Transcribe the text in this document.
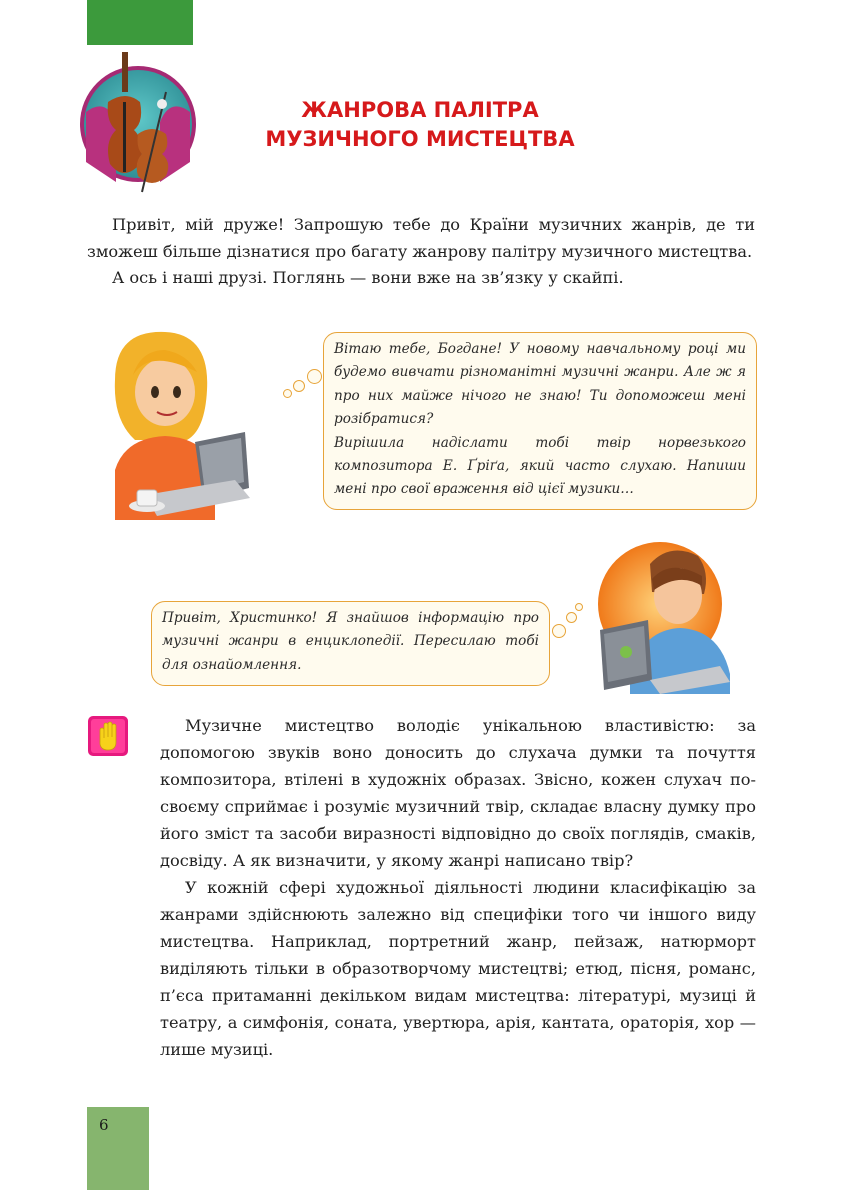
ЖАНРОВА ПАЛІТРА
МУЗИЧНОГО МИСТЕЦТВА

Привіт, мій друже! Запрошую тебе до Країни музичних жанрів, де ти зможеш більше дізнатися про багату жанрову палітру музичного мистецтва.

А ось і наші друзі. Поглянь — вони вже на зв’язку у скайпі.

Вітаю тебе, Богдане! У новому навчальному році ми будемо вивчати різноманітні музичні жанри. Але ж я про них майже нічого не знаю! Ти допоможеш мені розібратися?

Вирішила надіслати тобі твір норвезького композитора Е. Ґріґа, який часто слухаю. Напиши мені про свої враження від цієї музики…

Привіт, Христинко! Я знайшов інформацію про музичні жанри в енциклопедії. Пересилаю тобі для ознайомлення.

Музичне мистецтво володіє унікальною властивістю: за допомогою звуків воно доносить до слухача думки та почуття композитора, втілені в художніх образах. Звісно, кожен слухач по-своєму сприймає і розуміє музичний твір, складає власну думку про його зміст та засоби виразності відповідно до своїх поглядів, смаків, досвіду. А як визначити, у якому жанрі написано твір?

У кожній сфері художньої діяльності людини класифікацію за жанрами здійснюють залежно від специфіки того чи іншого виду мистецтва. Наприклад, портретний жанр, пейзаж, натюрморт виділяють тільки в образотворчому мистецтві; етюд, пісня, романс, п’єса притаманні декільком видам мистецтва: літературі, музиці й театру, а симфонія, соната, увертюра, арія, кантата, ораторія, хор — лише музиці.

6
